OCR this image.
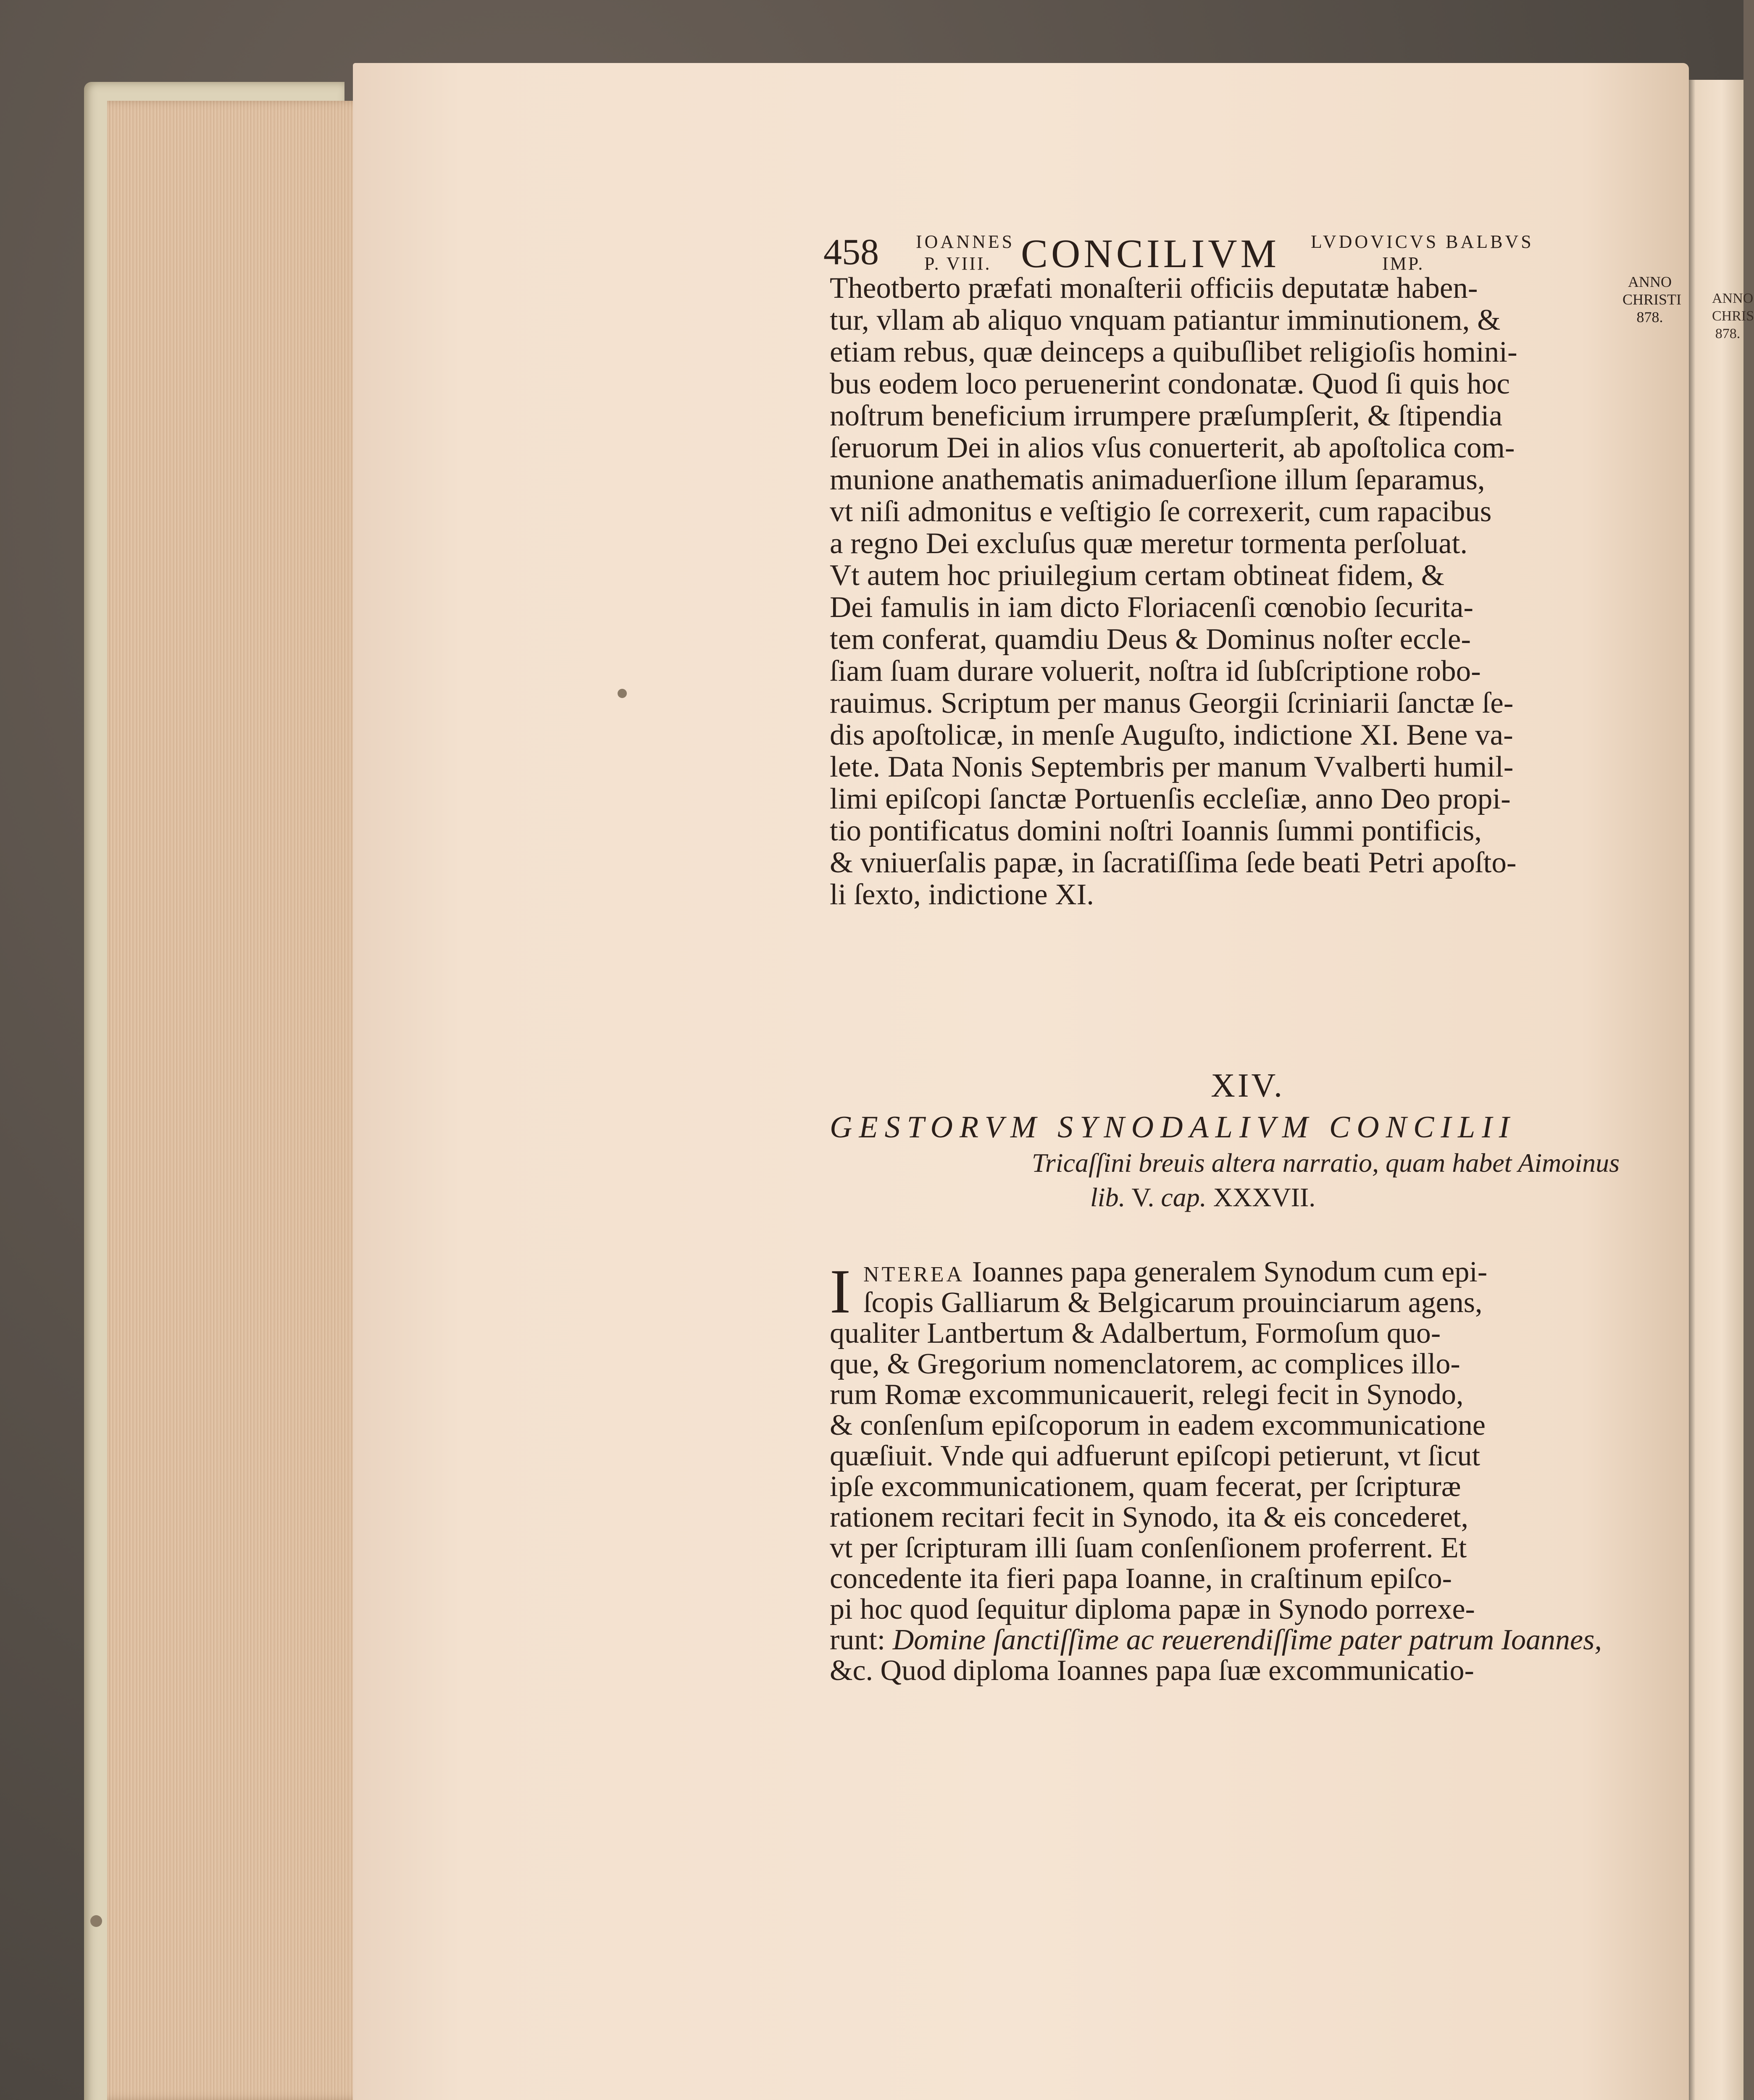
ANNO
CHRIS
878.
458 IOANNES
P. VIII. CONCILIVM LVDOVICVS BALBVS
IMP.
ANNO
CHRISTI
878.
Theotberto præfati monaſterii officiis deputatæ haben-
tur, vllam ab aliquo vnquam patiantur imminutionem, &
etiam rebus, quæ deinceps a quibuſlibet religioſis homini-
bus eodem loco peruenerint condonatæ. Quod ſi quis hoc
noſtrum beneficium irrumpere præſumpſerit, & ſtipendia
ſeruorum Dei in alios vſus conuerterit, ab apoſtolica com-
munione anathematis animaduerſione illum ſeparamus,
vt niſi admonitus e veſtigio ſe correxerit, cum rapacibus
a regno Dei excluſus quæ meretur tormenta perſoluat.
Vt autem hoc priuilegium certam obtineat fidem, &
Dei famulis in iam dicto Floriacenſi cœnobio ſecurita-
tem conferat, quamdiu Deus & Dominus noſter eccle-
ſiam ſuam durare voluerit, noſtra id ſubſcriptione robo-
rauimus. Scriptum per manus Georgii ſcriniarii ſanctæ ſe-
dis apoſtolicæ, in menſe Auguſto, indictione XI. Bene va-
lete. Data Nonis Septembris per manum Vvalberti humil-
limi epiſcopi ſanctæ Portuenſis eccleſiæ, anno Deo propi-
tio pontificatus domini noſtri Ioannis ſummi pontificis,
& vniuerſalis papæ, in ſacratiſſima ſede beati Petri apoſto-
li ſexto, indictione XI.
XIV.
GESTORVM SYNODALIVM CONCILII
Tricaſſini breuis altera narratio, quam habet Aimoinus
lib. V. cap. XXXVII.
I NTEREA Ioannes papa generalem Synodum cum epi-
ſcopis Galliarum & Belgicarum prouinciarum agens,
qualiter Lantbertum & Adalbertum, Formoſum quo-
que, & Gregorium nomenclatorem, ac complices illo-
rum Romæ excommunicauerit, relegi fecit in Synodo,
& conſenſum epiſcoporum in eadem excommunicatione
quæſiuit. Vnde qui adfuerunt epiſcopi petierunt, vt ſicut
ipſe excommunicationem, quam fecerat, per ſcripturæ
rationem recitari fecit in Synodo, ita & eis concederet,
vt per ſcripturam illi ſuam conſenſionem proferrent. Et
concedente ita fieri papa Ioanne, in craſtinum epiſco-
pi hoc quod ſequitur diploma papæ in Synodo porrexe-
runt: Domine ſanctiſſime ac reuerendiſſime pater patrum Ioannes,
&c. Quod diploma Ioannes papa ſuæ excommunicatio-
